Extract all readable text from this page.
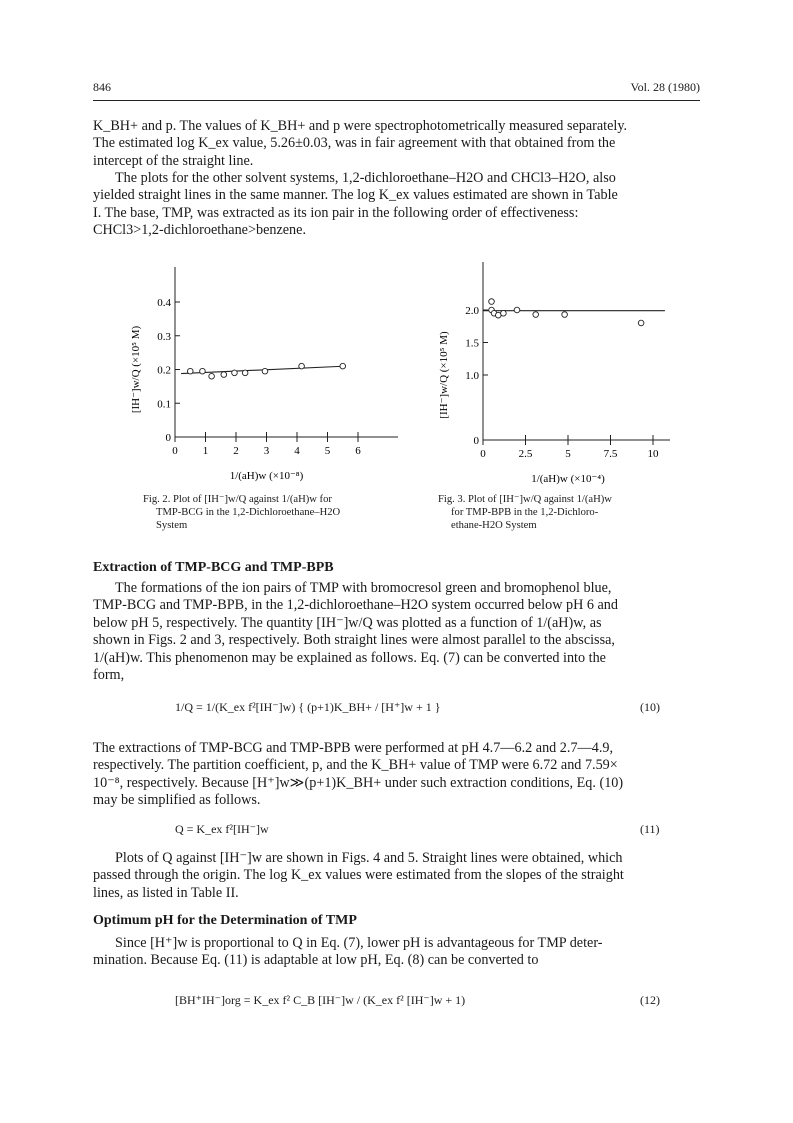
846	Vol. 28 (1980)

K_BH+ and p. The values of K_BH+ and p were spectrophotometrically measured separately.

The estimated log K_ex value, 5.26±0.03, was in fair agreement with that obtained from the

intercept of the straight line.

The plots for the other solvent systems, 1,2-dichloroethane–H2O and CHCl3–H2O, also

yielded straight lines in the same manner. The log K_ex values estimated are shown in Table

I. The base, TMP, was extracted as its ion pair in the following order of effectiveness:

CHCl3>1,2-dichloroethane>benzene.

0 1 2 3 4 5 6
0
0.1
0.2
0.3
0.4
1/(aH)w (×10⁻⁸)
[IH⁻]w/Q (×10⁵ M)
Fig. 2. Plot of [IH⁻]w/Q against 1/(aH)w for
TMP-BCG in the 1,2-Dichloroethane–H2O
System
0	2.5	5	7.5	10
0
1.0
1.5
2.0
1/(aH)w (×10⁻⁴)
[IH⁻]w/Q (×10⁵ M)
Fig. 3. Plot of [IH⁻]w/Q against 1/(aH)w
for TMP-BPB in the 1,2-Dichloro-
ethane-H2O System
Extraction of TMP-BCG and TMP-BPB

The formations of the ion pairs of TMP with bromocresol green and bromophenol blue,

TMP-BCG and TMP-BPB, in the 1,2-dichloroethane–H2O system occurred below pH 6 and

below pH 5, respectively. The quantity [IH⁻]w/Q was plotted as a function of 1/(aH)w, as

shown in Figs. 2 and 3, respectively. Both straight lines were almost parallel to the abscissa,

1/(aH)w. This phenomenon may be explained as follows. Eq. (7) can be converted into the

form,

1/Q = 1/(K_ex f²[IH⁻]w) { (p+1)K_BH+ / [H⁺]w + 1 }	(10)

The extractions of TMP-BCG and TMP-BPB were performed at pH 4.7—6.2 and 2.7—4.9,

respectively. The partition coefficient, p, and the K_BH+ value of TMP were 6.72 and 7.59×

10⁻⁸, respectively. Because [H⁺]w≫(p+1)K_BH+ under such extraction conditions, Eq. (10)

may be simplified as follows.

Q = K_ex f²[IH⁻]w	(11)

Plots of Q against [IH⁻]w are shown in Figs. 4 and 5. Straight lines were obtained, which

passed through the origin. The log K_ex values were estimated from the slopes of the straight

lines, as listed in Table II.

Optimum pH for the Determination of TMP

Since [H⁺]w is proportional to Q in Eq. (7), lower pH is advantageous for TMP deter-

mination. Because Eq. (11) is adaptable at low pH, Eq. (8) can be converted to

[BH⁺IH⁻]org = K_ex f² C_B [IH⁻]w / (K_ex f² [IH⁻]w + 1)	(12)
